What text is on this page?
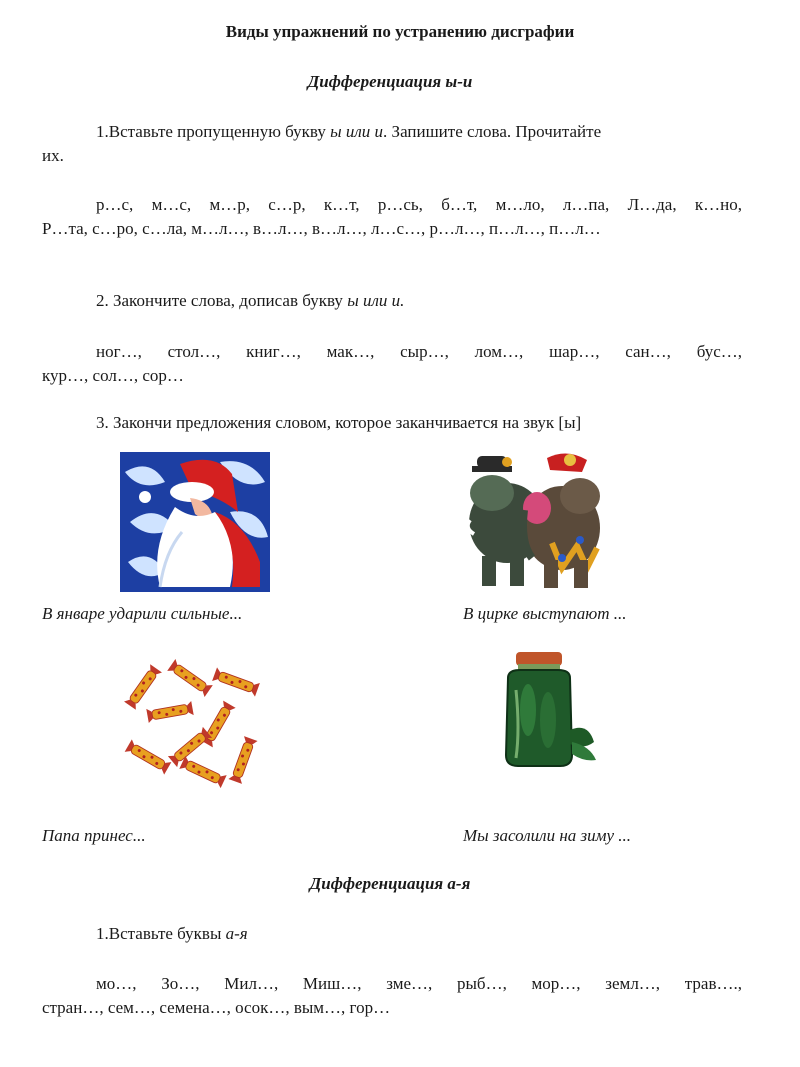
Виды упражнений по устранению дисграфии
Дифференциация ы-и
1.Вставьте пропущенную букву ы или и. Запишите слова. Прочитайте
их.
р…с, м…с, м…р, с…р, к…т, р…сь, б…т, м…ло, л…па, Л…да, к…но,
Р…та, с…ро, с…ла, м…л…, в…л…, в…л…, л…с…, р…л…, п…л…, п…л…
2. Закончите слова, дописав букву ы или и.
ног…, стол…, книг…, мак…, сыр…, лом…, шар…, сан…, бус…,
кур…, сол…, сор…
3. Закончи предложения словом, которое заканчивается на звук [ы]
В январе ударили сильные...	В цирке выступают ...
Папа принес...	Мы засолили на зиму ...
Дифференциация а-я
1.Вставьте буквы а-я
мо…, Зо…, Мил…, Миш…, зме…, рыб…, мор…, земл…, трав….,
стран…, сем…, семена…, осок…, вым…, гор…
